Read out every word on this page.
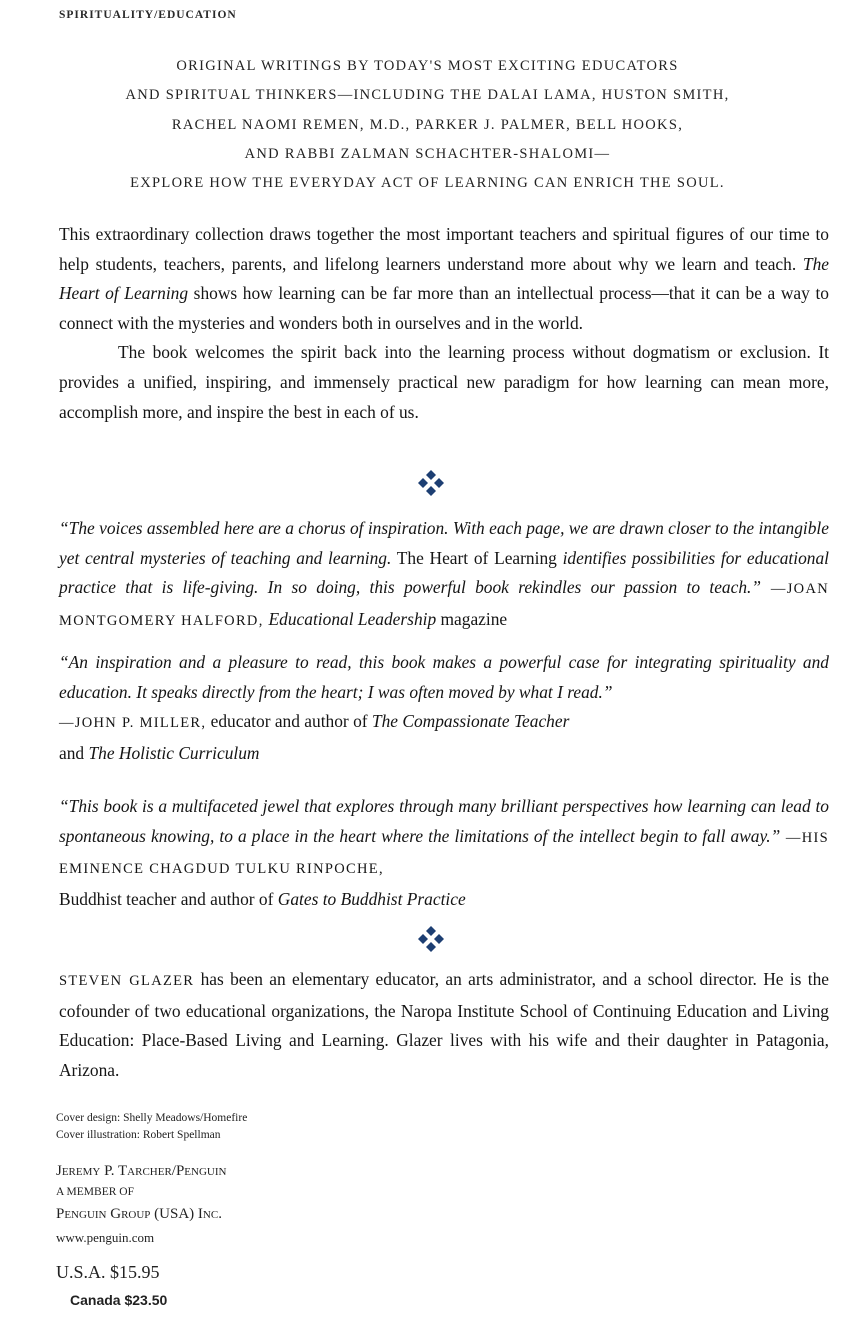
SPIRITUALITY/EDUCATION
ORIGINAL WRITINGS BY TODAY'S MOST EXCITING EDUCATORS
AND SPIRITUAL THINKERS—INCLUDING THE DALAI LAMA, HUSTON SMITH,
RACHEL NAOMI REMEN, M.D., PARKER J. PALMER, BELL HOOKS,
AND RABBI ZALMAN SCHACHTER-SHALOMI—
EXPLORE HOW THE EVERYDAY ACT OF LEARNING CAN ENRICH THE SOUL.

This extraordinary collection draws together the most important teachers and spiritual figures of our time to help students, teachers, parents, and lifelong learners understand more about why we learn and teach. The Heart of Learning shows how learning can be far more than an intellectual process—that it can be a way to connect with the mysteries and wonders both in ourselves and in the world.

The book welcomes the spirit back into the learning process without dogmatism or exclusion. It provides a unified, inspiring, and immensely practical new paradigm for how learning can mean more, accomplish more, and inspire the best in each of us.

“The voices assembled here are a chorus of inspiration. With each page, we are drawn closer to the intangible yet central mysteries of teaching and learning. The Heart of Learning identifies possibilities for educational practice that is life-giving. In so doing, this powerful book rekindles our passion to teach.” —JOAN MONTGOMERY HALFORD, Educational Leadership magazine
“An inspiration and a pleasure to read, this book makes a powerful case for integrating spirituality and education. It speaks directly from the heart; I was often moved by what I read.”
—JOHN P. MILLER, educator and author of The Compassionate Teacher
and The Holistic Curriculum
“This book is a multifaceted jewel that explores through many brilliant perspectives how learning can lead to spontaneous knowing, to a place in the heart where the limitations of the intellect begin to fall away.” —HIS EMINENCE CHAGDUD TULKU RINPOCHE,
Buddhist teacher and author of Gates to Buddhist Practice

STEVEN GLAZER has been an elementary educator, an arts administrator, and a school director. He is the cofounder of two educational organizations, the Naropa Institute School of Continuing Education and Living Education: Place-Based Living and Learning. Glazer lives with his wife and their daughter in Patagonia, Arizona.

Cover design: Shelly Meadows/Homefire
Cover illustration: Robert Spellman
Jeremy P. Tarcher/Penguin
A MEMBER OF
Penguin Group (USA) Inc.
www.penguin.com
U.S.A. $15.95
Canada $23.50
